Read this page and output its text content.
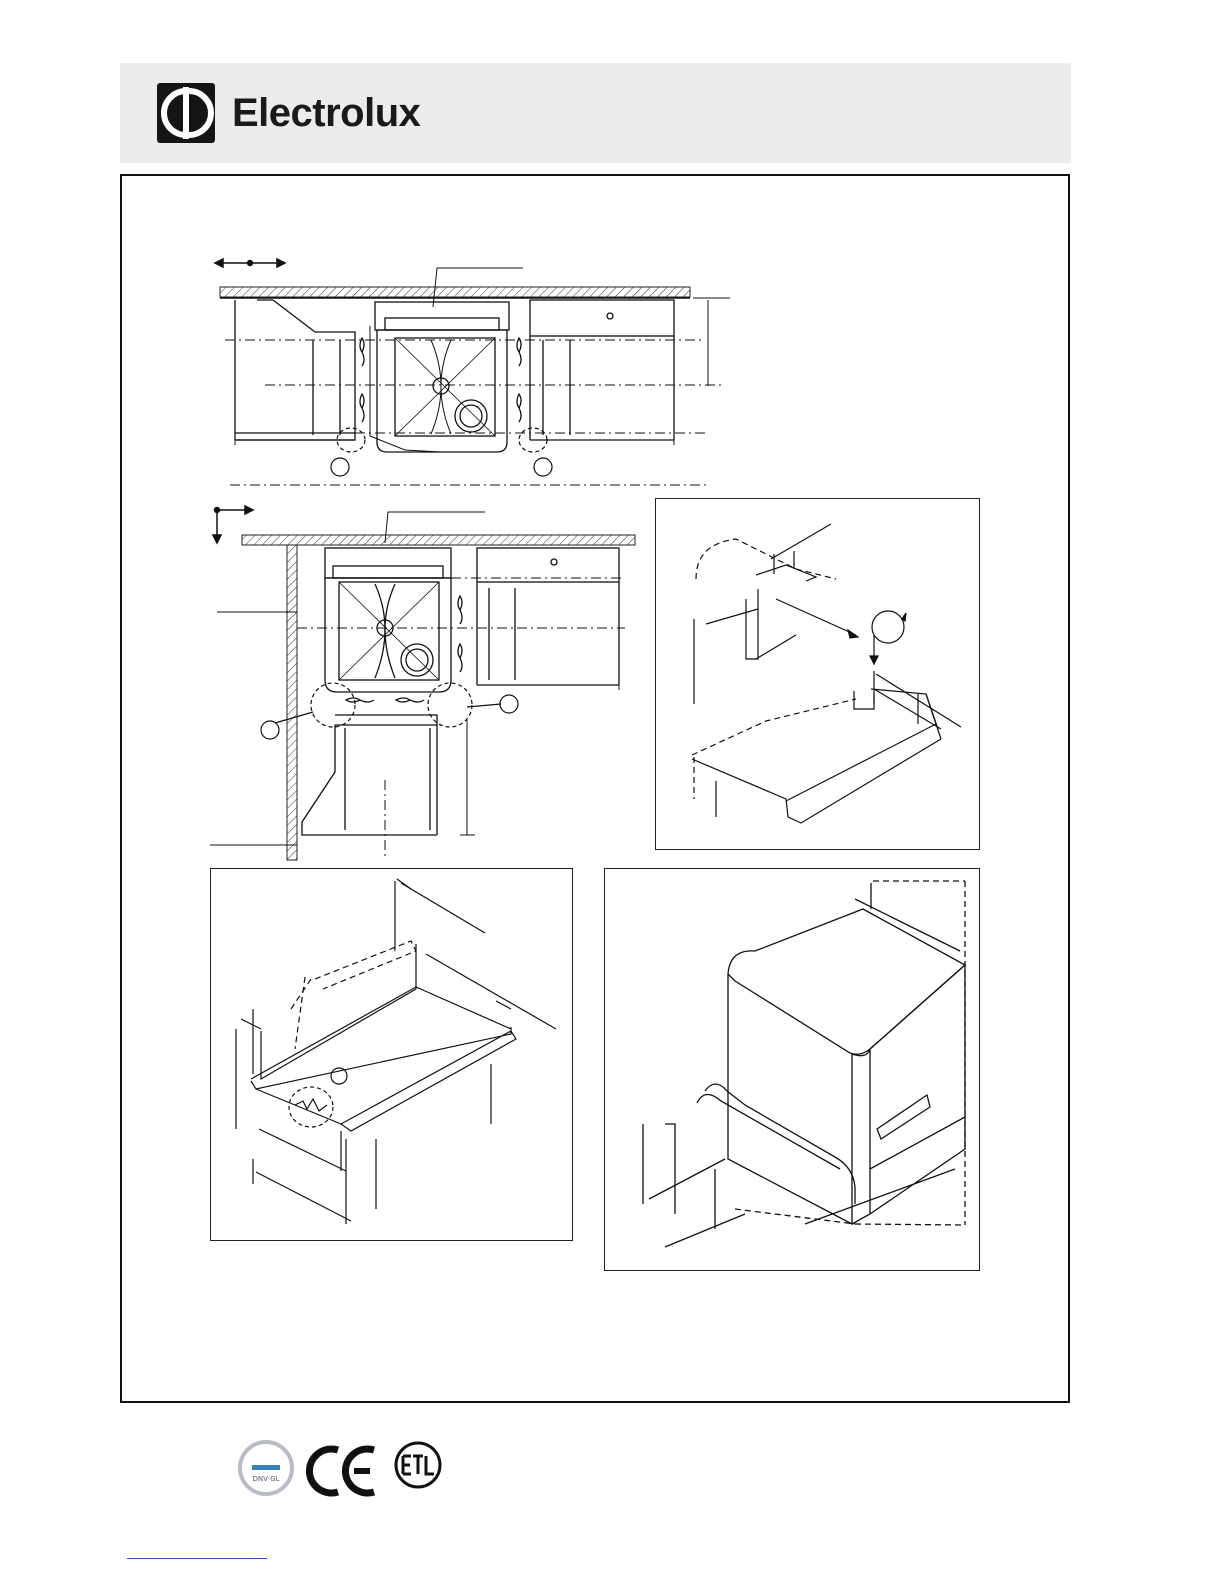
Electrolux
DNV·GL
